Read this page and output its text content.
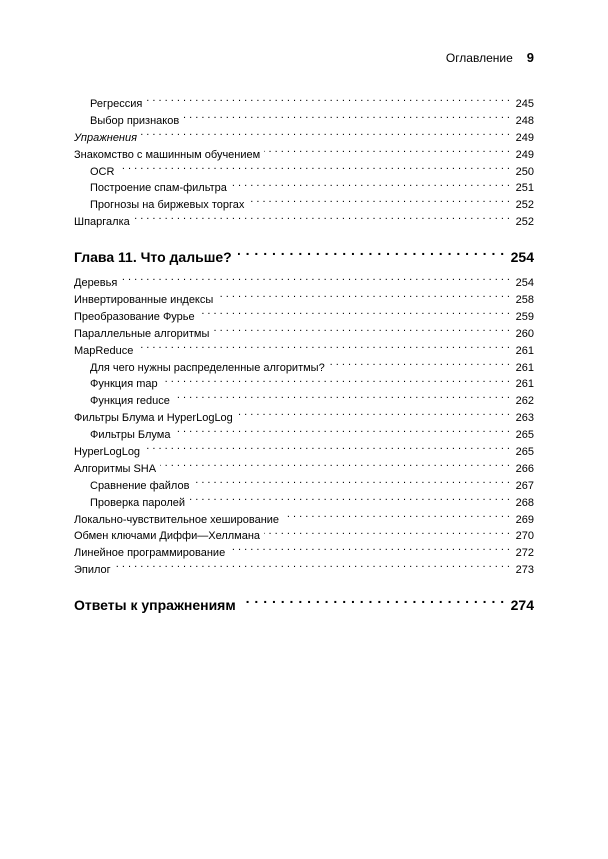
Оглавление 9
Регрессия . . .	245
Выбор признаков . . .	248
Упражнения . . .	249
Знакомство с машинным обучением . . .	249
OCR . . .	250
Построение спам-фильтра . . .	251
Прогнозы на биржевых торгах . . .	252
Шпаргалка . . .	252
Глава 11. Что дальше? . . .	254
Деревья . . .	254
Инвертированные индексы . . .	258
Преобразование Фурье . . .	259
Параллельные алгоритмы . . .	260
MapReduce . . .	261
Для чего нужны распределенные алгоритмы? . . .	261
Функция map . . .	261
Функция reduce . . .	262
Фильтры Блума и HyperLogLog . . .	263
Фильтры Блума . . .	265
HyperLogLog . . .	265
Алгоритмы SHA . . .	266
Сравнение файлов . . .	267
Проверка паролей . . .	268
Локально-чувствительное хеширование . . .	269
Обмен ключами Диффи—Хеллмана . . .	270
Линейное программирование . . .	272
Эпилог . . .	273
Ответы к упражнениям . . .	274
